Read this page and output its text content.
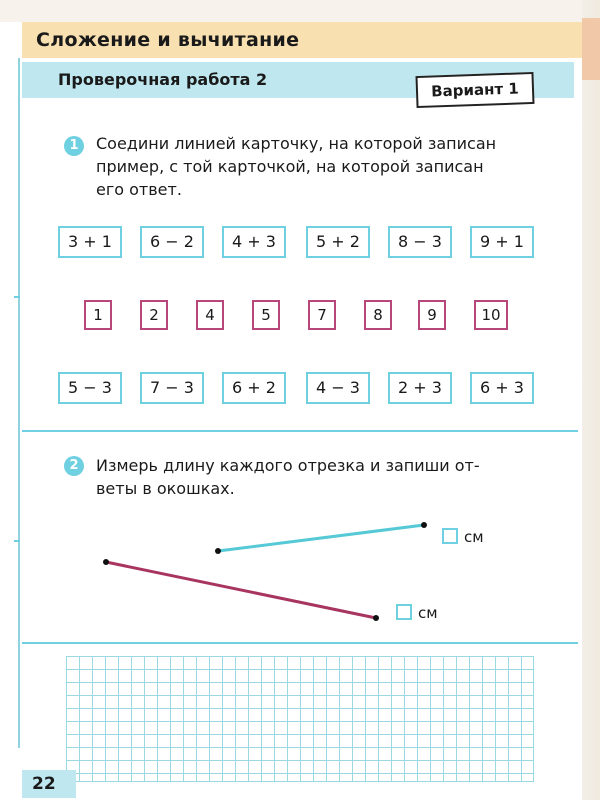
Сложение и вычитание
Проверочная работа 2	Вариант 1
1	Соедини линией карточку, на которой записан
пример, с той карточкой, на которой записан
его ответ.
3 + 1	6 − 2	4 + 3	5 + 2	8 − 3	9 + 1
1	2	4	5	7	8	9	10
5 − 3	7 − 3	6 + 2	4 − 3	2 + 3	6 + 3
2	Измерь длину каждого отрезка и запиши от-
веты в окошках.
см
см
22
